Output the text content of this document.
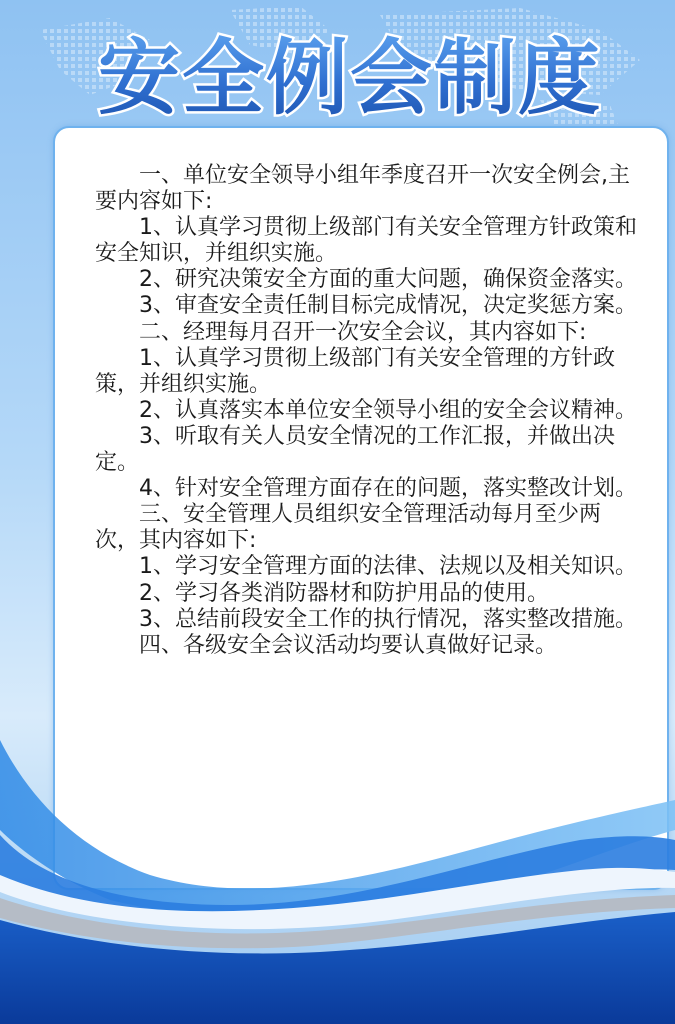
安全例会制度
一、单位安全领导小组年季度召开一次安全例会,主要内容如下:
1、认真学习贯彻上级部门有关安全管理方针政策和安全知识，并组织实施。
2、研究决策安全方面的重大问题，确保资金落实。
3、审查安全责任制目标完成情况，决定奖惩方案。
二、经理每月召开一次安全会议，其内容如下:
1、认真学习贯彻上级部门有关安全管理的方针政策，并组织实施。
2、认真落实本单位安全领导小组的安全会议精神。
3、听取有关人员安全情况的工作汇报，并做出决定。
4、针对安全管理方面存在的问题，落实整改计划。
三、安全管理人员组织安全管理活动每月至少两次，其内容如下:
1、学习安全管理方面的法律、法规以及相关知识。
2、学习各类消防器材和防护用品的使用。
3、总结前段安全工作的执行情况，落实整改措施。
四、各级安全会议活动均要认真做好记录。
